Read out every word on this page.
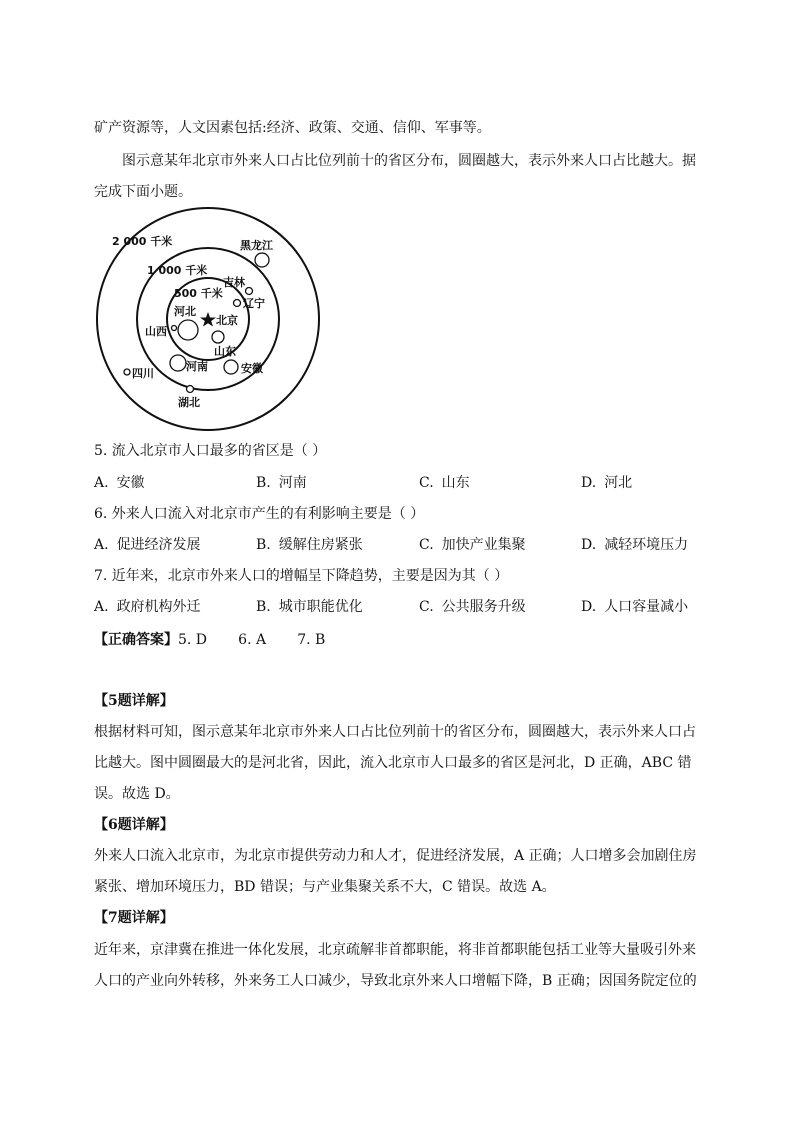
矿产资源等，人文因素包括:经济、政策、交通、信仰、军事等。
图示意某年北京市外来人口占比位列前十的省区分布，圆圈越大，表示外来人口占比越大。据
完成下面小题。
2 000 千米
1 000 千米
500 千米
北京
黑龙江
吉林
辽宁
河北
山西
山东
河南	安徽
四川
湖北
5. 流入北京市人口最多的省区是（ ）
A. 安徽	B. 河南	C. 山东	D. 河北
6. 外来人口流入对北京市产生的有利影响主要是（ ）
A. 促进经济发展	B. 缓解住房紧张	C. 加快产业集聚	D. 减轻环境压力
7. 近年来，北京市外来人口的增幅呈下降趋势，主要是因为其（ ）
A. 政府机构外迁	B. 城市职能优化	C. 公共服务升级	D. 人口容量减小
【正确答案】5. D       6. A       7. B
【5题详解】
根据材料可知，图示意某年北京市外来人口占比位列前十的省区分布，圆圈越大，表示外来人口占
比越大。图中圆圈最大的是河北省，因此，流入北京市人口最多的省区是河北，D 正确，ABC 错
误。故选 D。
【6题详解】
外来人口流入北京市，为北京市提供劳动力和人才，促进经济发展，A 正确；人口增多会加剧住房
紧张、增加环境压力，BD 错误；与产业集聚关系不大，C 错误。故选 A。
【7题详解】
近年来，京津冀在推进一体化发展，北京疏解非首都职能，将非首都职能包括工业等大量吸引外来
人口的产业向外转移，外来务工人口减少，导致北京外来人口增幅下降，B 正确；因国务院定位的
